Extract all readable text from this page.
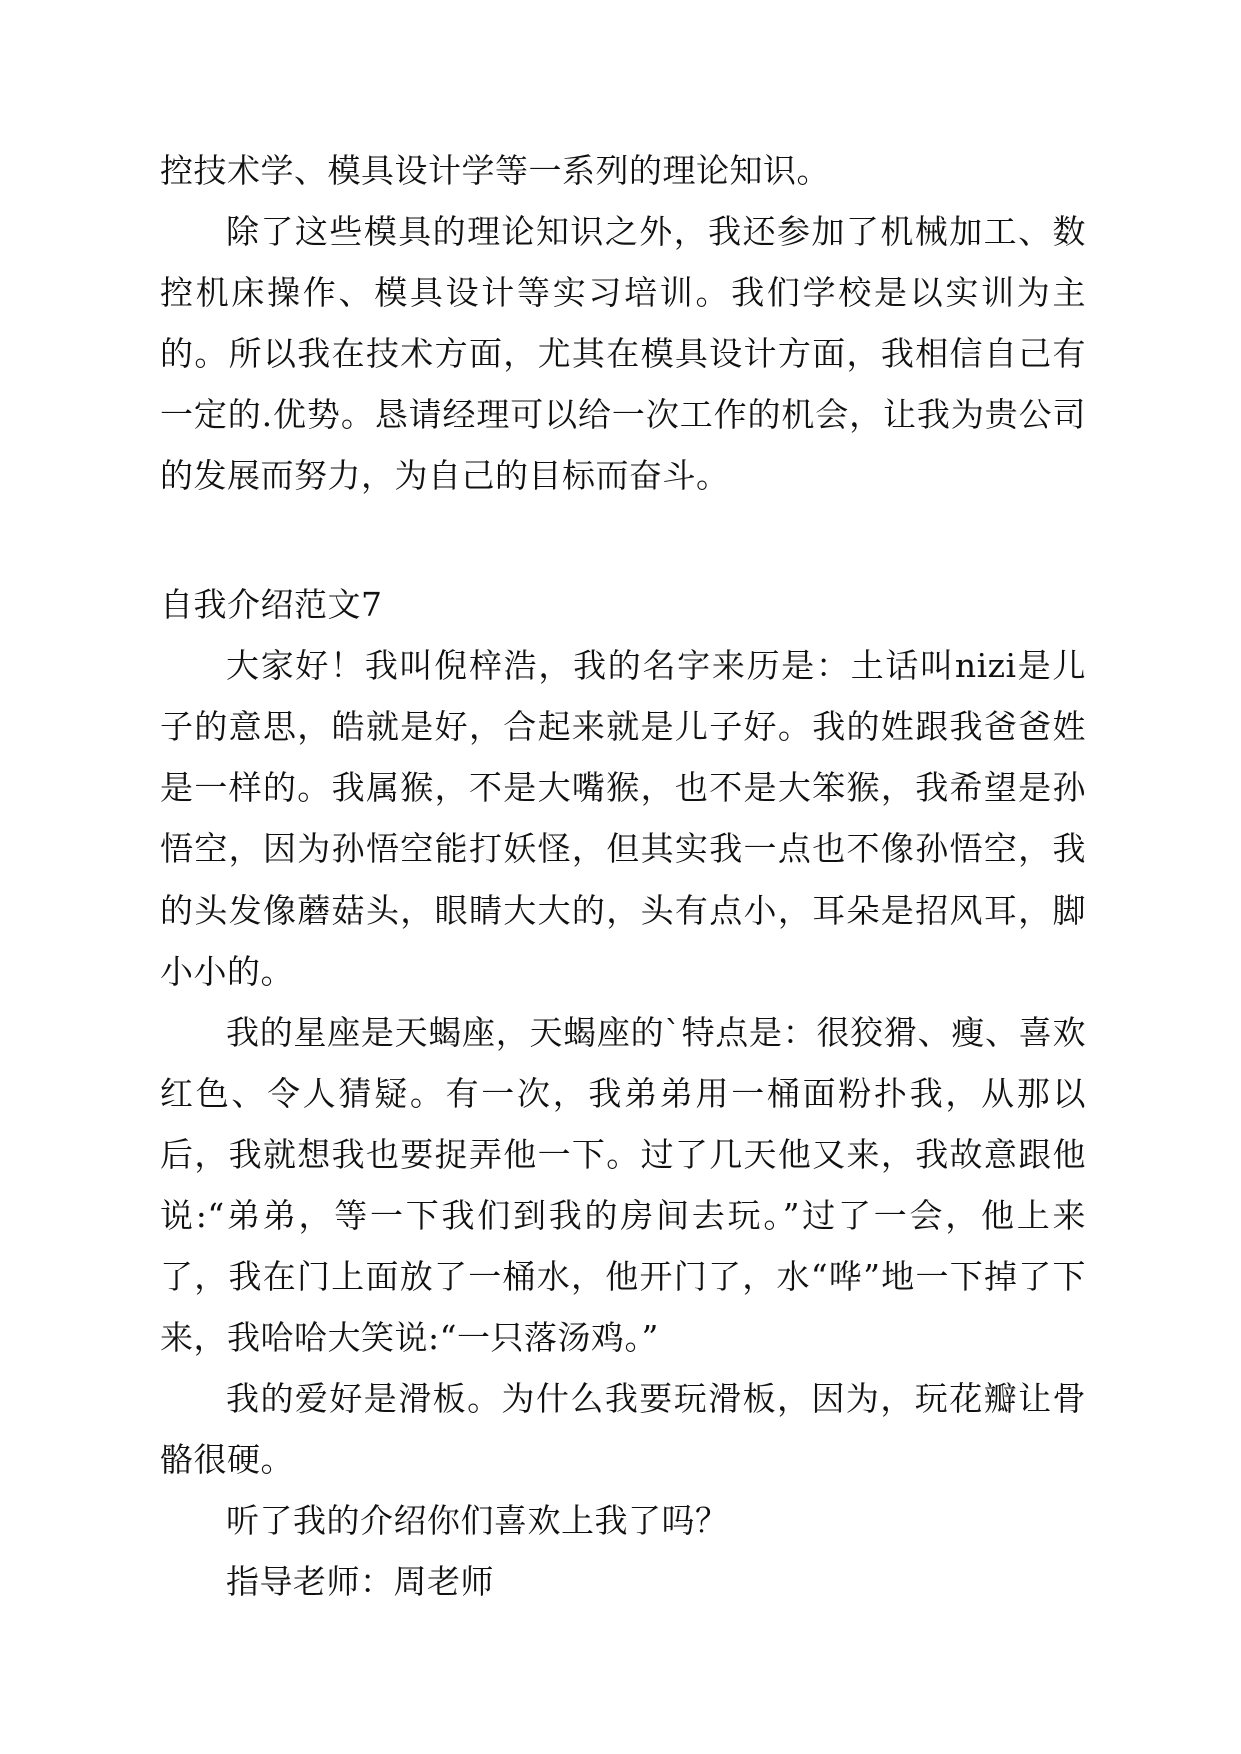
控技术学、模具设计学等一系列的理论知识。

除了这些模具的理论知识之外，我还参加了机械加工、数控机床操作、模具设计等实习培训。我们学校是以实训为主的。所以我在技术方面，尤其在模具设计方面，我相信自己有一定的.优势。恳请经理可以给一次工作的机会，让我为贵公司的发展而努力，为自己的目标而奋斗。

自我介绍范文7

大家好！我叫倪梓浩，我的名字来历是：土话叫nizi是儿子的意思，皓就是好，合起来就是儿子好。我的姓跟我爸爸姓是一样的。我属猴，不是大嘴猴，也不是大笨猴，我希望是孙悟空，因为孙悟空能打妖怪，但其实我一点也不像孙悟空，我的头发像蘑菇头，眼睛大大的，头有点小，耳朵是招风耳，脚小小的。

我的星座是天蝎座，天蝎座的`特点是：很狡猾、瘦、喜欢红色、令人猜疑。有一次，我弟弟用一桶面粉扑我，从那以后，我就想我也要捉弄他一下。过了几天他又来，我故意跟他说:“弟弟，等一下我们到我的房间去玩。”过了一会，他上来了，我在门上面放了一桶水，他开门了，水“哗”地一下掉了下来，我哈哈大笑说:“一只落汤鸡。”

我的爱好是滑板。为什么我要玩滑板，因为，玩花瓣让骨骼很硬。

听了我的介绍你们喜欢上我了吗？

指导老师：周老师
